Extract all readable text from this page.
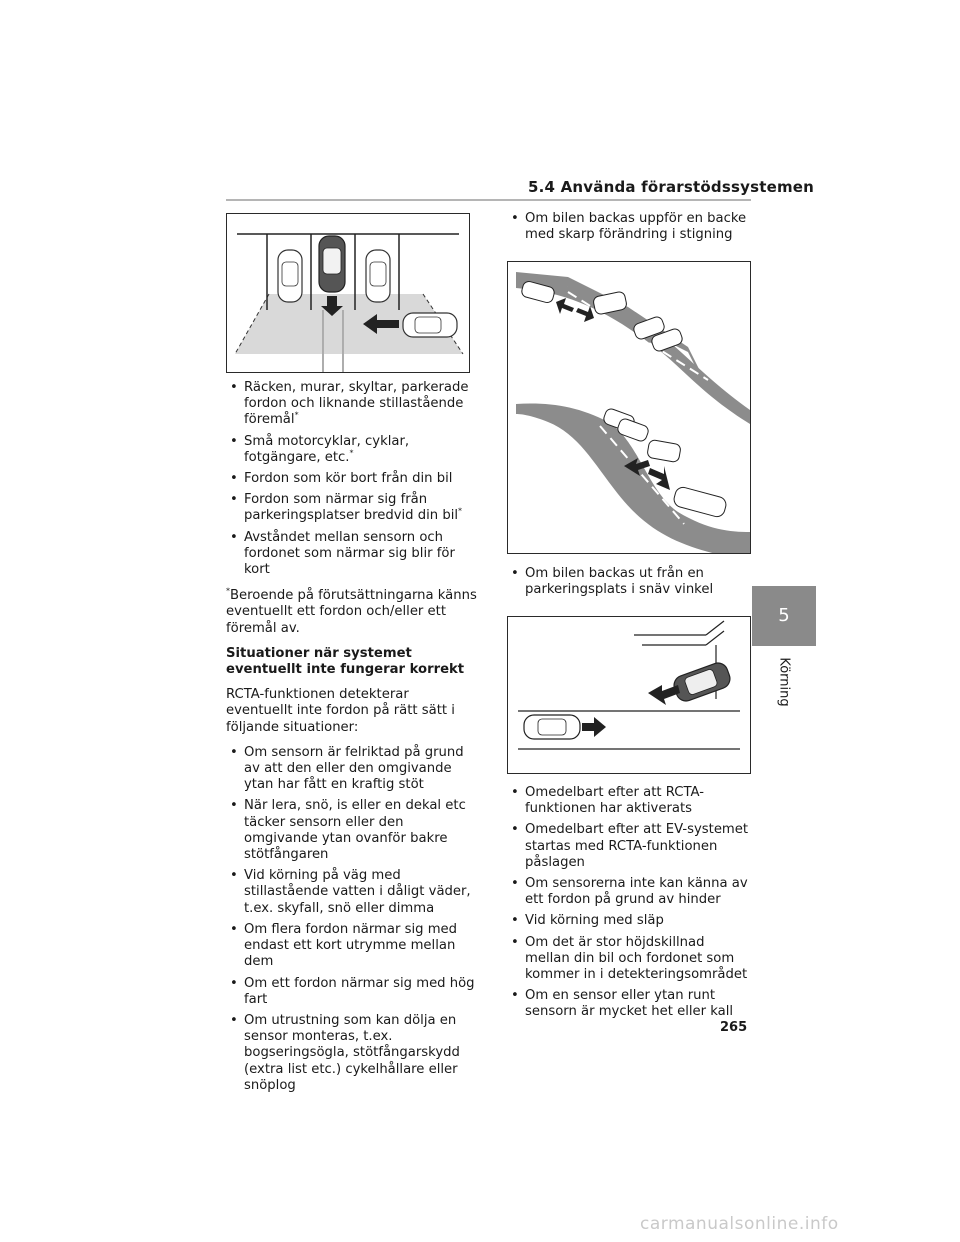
5.4 Använda förarstödssystemen
• Räcken, murar, skyltar, parkerade fordon och liknande stillastående föremål*
• Små motorcyklar, cyklar, fotgängare, etc.*
• Fordon som kör bort från din bil
• Fordon som närmar sig från parkeringsplatser bredvid din bil*
• Avståndet mellan sensorn och fordonet som närmar sig blir för kort

*Beroende på förutsättningarna känns eventuellt ett fordon och/eller ett föremål av.

Situationer när systemet eventuellt inte fungerar korrekt

RCTA-funktionen detekterar eventuellt inte fordon på rätt sätt i följande situationer:

• Om sensorn är felriktad på grund av att den eller den omgivande ytan har fått en kraftig stöt
• När lera, snö, is eller en dekal etc täcker sensorn eller den omgivande ytan ovanför bakre stötfångaren
• Vid körning på väg med stillastående vatten i dåligt väder, t.ex. skyfall, snö eller dimma
• Om flera fordon närmar sig med endast ett kort utrymme mellan dem
• Om ett fordon närmar sig med hög fart
• Om utrustning som kan dölja en sensor monteras, t.ex. bogseringsögla, stötfångarskydd (extra list etc.) cykelhållare eller snöplog
• Om bilen backas uppför en backe med skarp förändring i stigning
• Om bilen backas ut från en parkeringsplats i snäv vinkel
• Omedelbart efter att RCTA-funktionen har aktiverats
• Omedelbart efter att EV-systemet startas med RCTA-funktionen påslagen
• Om sensorerna inte kan känna av ett fordon på grund av hinder
• Vid körning med släp
• Om det är stor höjdskillnad mellan din bil och fordonet som kommer in i detekteringsområdet
• Om en sensor eller ytan runt sensorn är mycket het eller kall
5
Körning
265
carmanualsonline.info
